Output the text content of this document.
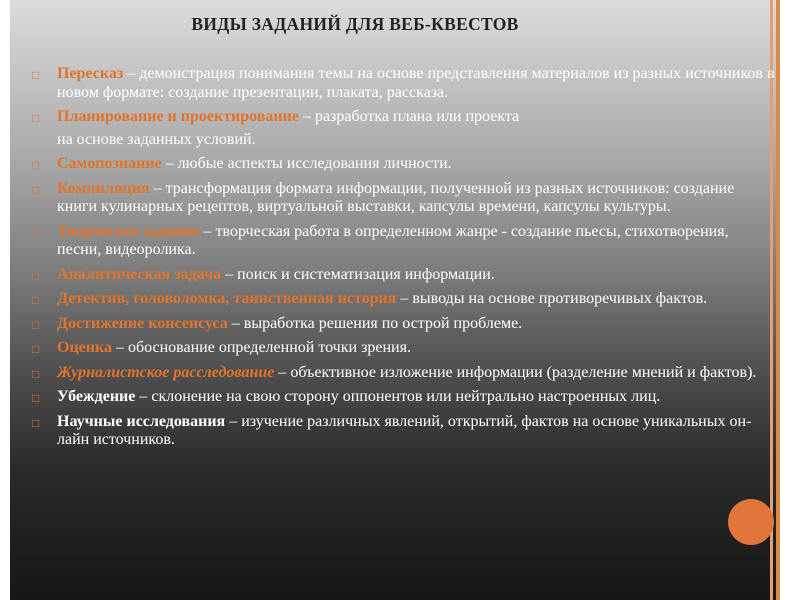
ВИДЫ ЗАДАНИЙ ДЛЯ ВЕБ-КВЕСТОВ
□ Пересказ – демонстрация понимания темы на основе представления материалов из разных источников в новом формате: создание презентации, плаката, рассказа.
□ Планирование и проектирование – разработка плана или проекта
на основе заданных условий.
□ Самопознание – любые аспекты исследования личности.
□ Компиляция – трансформация формата информации, полученной из разных источников: создание книги кулинарных рецептов, виртуальной выставки, капсулы времени, капсулы культуры.
□ Творческое задание – творческая работа в определенном жанре - создание пьесы, стихотворения, песни, видеоролика.
□ Аналитическая задача – поиск и систематизация информации.
□ Детектив, головоломка, таинственная история – выводы на основе противоречивых фактов.
□ Достижение консенсуса – выработка решения по острой проблеме.
□ Оценка – обоснование определенной точки зрения.
□ Журналистское расследование – объективное изложение информации (разделение мнений и фактов).
□ Убеждение – склонение на свою сторону оппонентов или нейтрально настроенных лиц.
□ Научные исследования – изучение различных явлений, открытий, фактов на основе уникальных он-лайн источников.
